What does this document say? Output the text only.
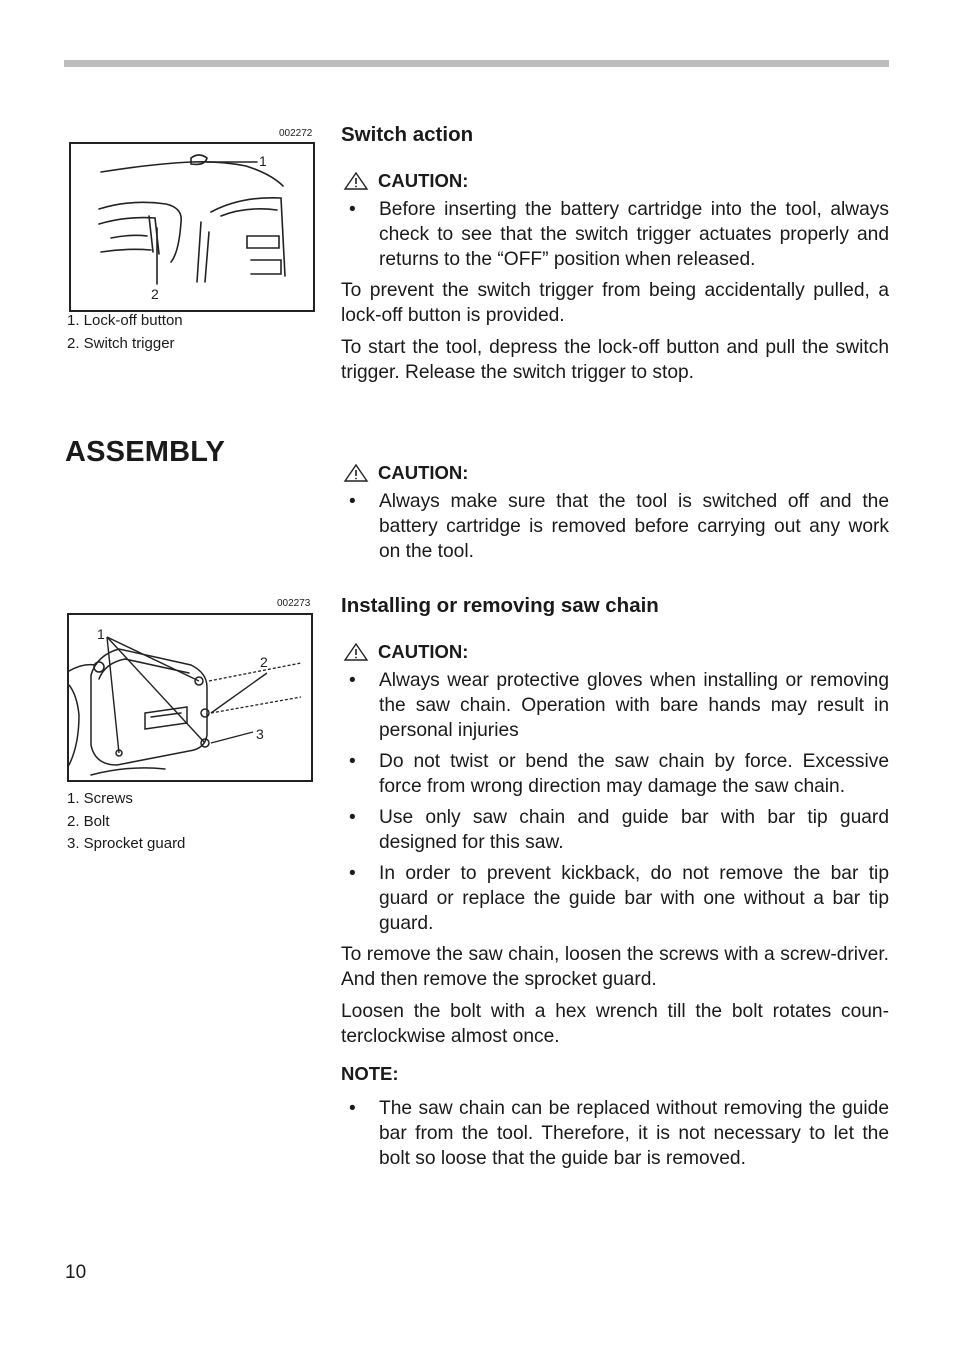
002272
1
2
1. Lock-off button
2. Switch trigger
ASSEMBLY
002273
1
2
3
1. Screws
2. Bolt
3. Sprocket guard
Switch action
CAUTION:
• Before inserting the battery cartridge into the tool, always check to see that the switch trigger actuates properly and returns to the “OFF” position when released.

To prevent the switch trigger from being accidentally pulled, a lock-off button is provided.

To start the tool, depress the lock-off button and pull the switch trigger. Release the switch trigger to stop.

CAUTION:
• Always make sure that the tool is switched off and the battery cartridge is removed before carrying out any work on the tool.
Installing or removing saw chain
CAUTION:
• Always wear protective gloves when installing or removing the saw chain. Operation with bare hands may result in personal injuries
• Do not twist or bend the saw chain by force. Excessive force from wrong direction may damage the saw chain.
• Use only saw chain and guide bar with bar tip guard designed for this saw.
• In order to prevent kickback, do not remove the bar tip guard or replace the guide bar with one without a bar tip guard.

To remove the saw chain, loosen the screws with a screw-driver. And then remove the sprocket guard.

Loosen the bolt with a hex wrench till the bolt rotates coun-terclockwise almost once.

NOTE:
• The saw chain can be replaced without removing the guide bar from the tool. Therefore, it is not necessary to let the bolt so loose that the guide bar is removed.
10
